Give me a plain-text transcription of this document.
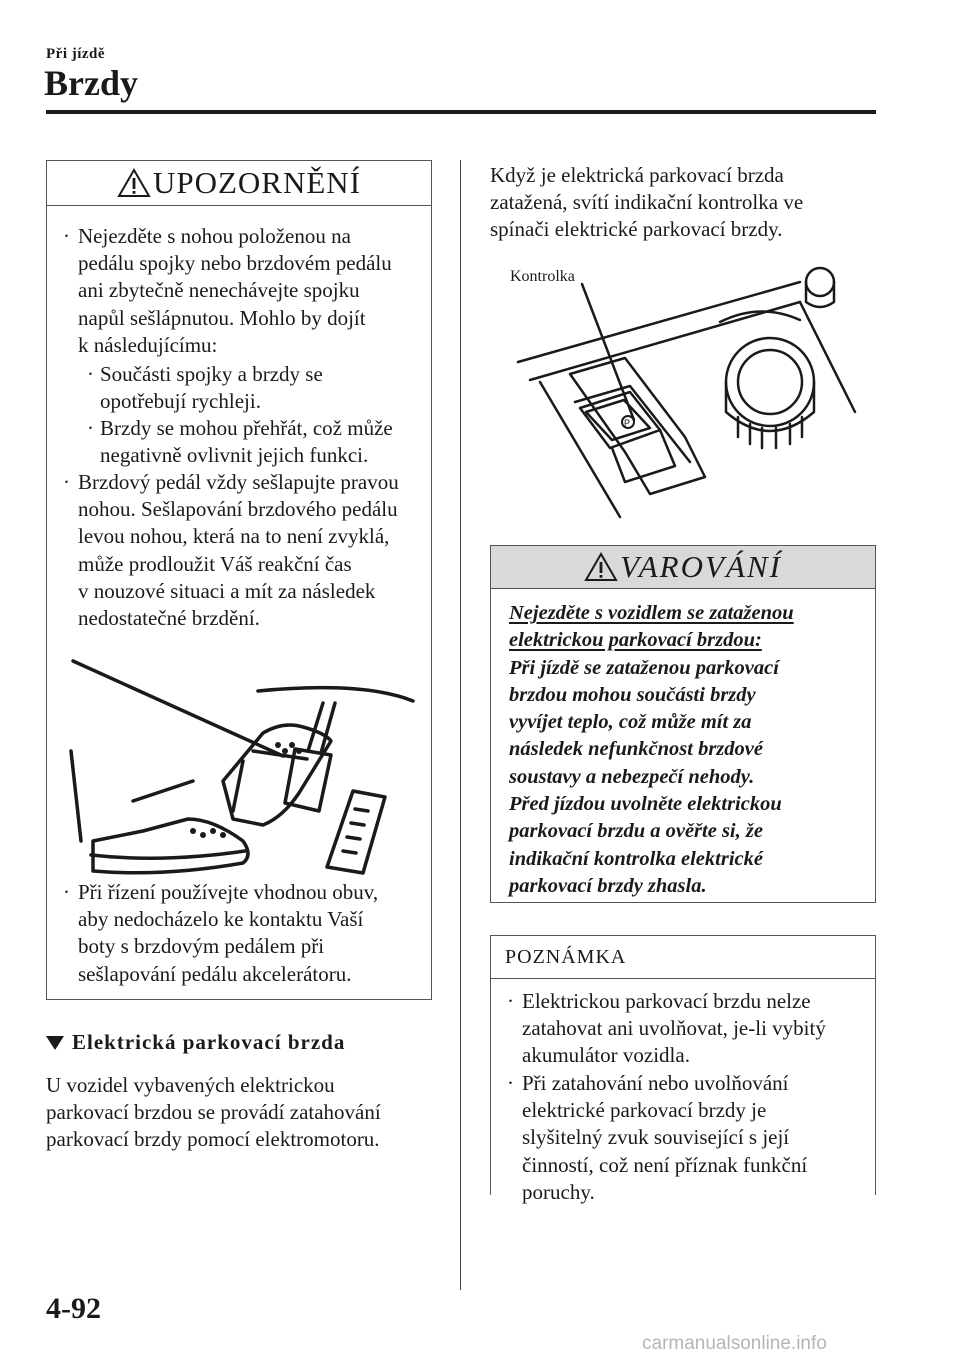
Při jízdě
Brzdy
UPOZORNĚNÍ
· Nejezděte s nohou položenou na
pedálu spojky nebo brzdovém pedálu
ani zbytečně nenechávejte spojku
napůl sešlápnutou. Mohlo by dojít
k následujícímu:
· Součásti spojky a brzdy se
opotřebují rychleji.
· Brzdy se mohou přehřát, což může
negativně ovlivnit jejich funkci.
· Brzdový pedál vždy sešlapujte pravou
nohou. Sešlapování brzdového pedálu
levou nohou, která na to není zvyklá,
může prodloužit Váš reakční čas
v nouzové situaci a mít za následek
nedostatečné brzdění.
· Při řízení používejte vhodnou obuv,
aby nedocházelo ke kontaktu Vaší
boty s brzdovým pedálem při
sešlapování pedálu akcelerátoru.
Elektrická parkovací brzda
U vozidel vybavených elektrickou
parkovací brzdou se provádí zatahování
parkovací brzdy pomocí elektromotoru.
Když je elektrická parkovací brzda
zatažená, svítí indikační kontrolka ve
spínači elektrické parkovací brzdy.
P
Kontrolka
VAROVÁNÍ
Nejezděte s vozidlem se zataženou
elektrickou parkovací brzdou:
Při jízdě se zataženou parkovací
brzdou mohou součásti brzdy
vyvíjet teplo, což může mít za
následek nefunkčnost brzdové
soustavy a nebezpečí nehody.
Před jízdou uvolněte elektrickou
parkovací brzdu a ověřte si, že
indikační kontrolka elektrické
parkovací brzdy zhasla.
POZNÁMKA
· Elektrickou parkovací brzdu nelze
zatahovat ani uvolňovat, je-li vybitý
akumulátor vozidla.
· Při zatahování nebo uvolňování
elektrické parkovací brzdy je
slyšitelný zvuk související s její
činností, což není příznak funkční
poruchy.
4-92
carmanualsonline.info
